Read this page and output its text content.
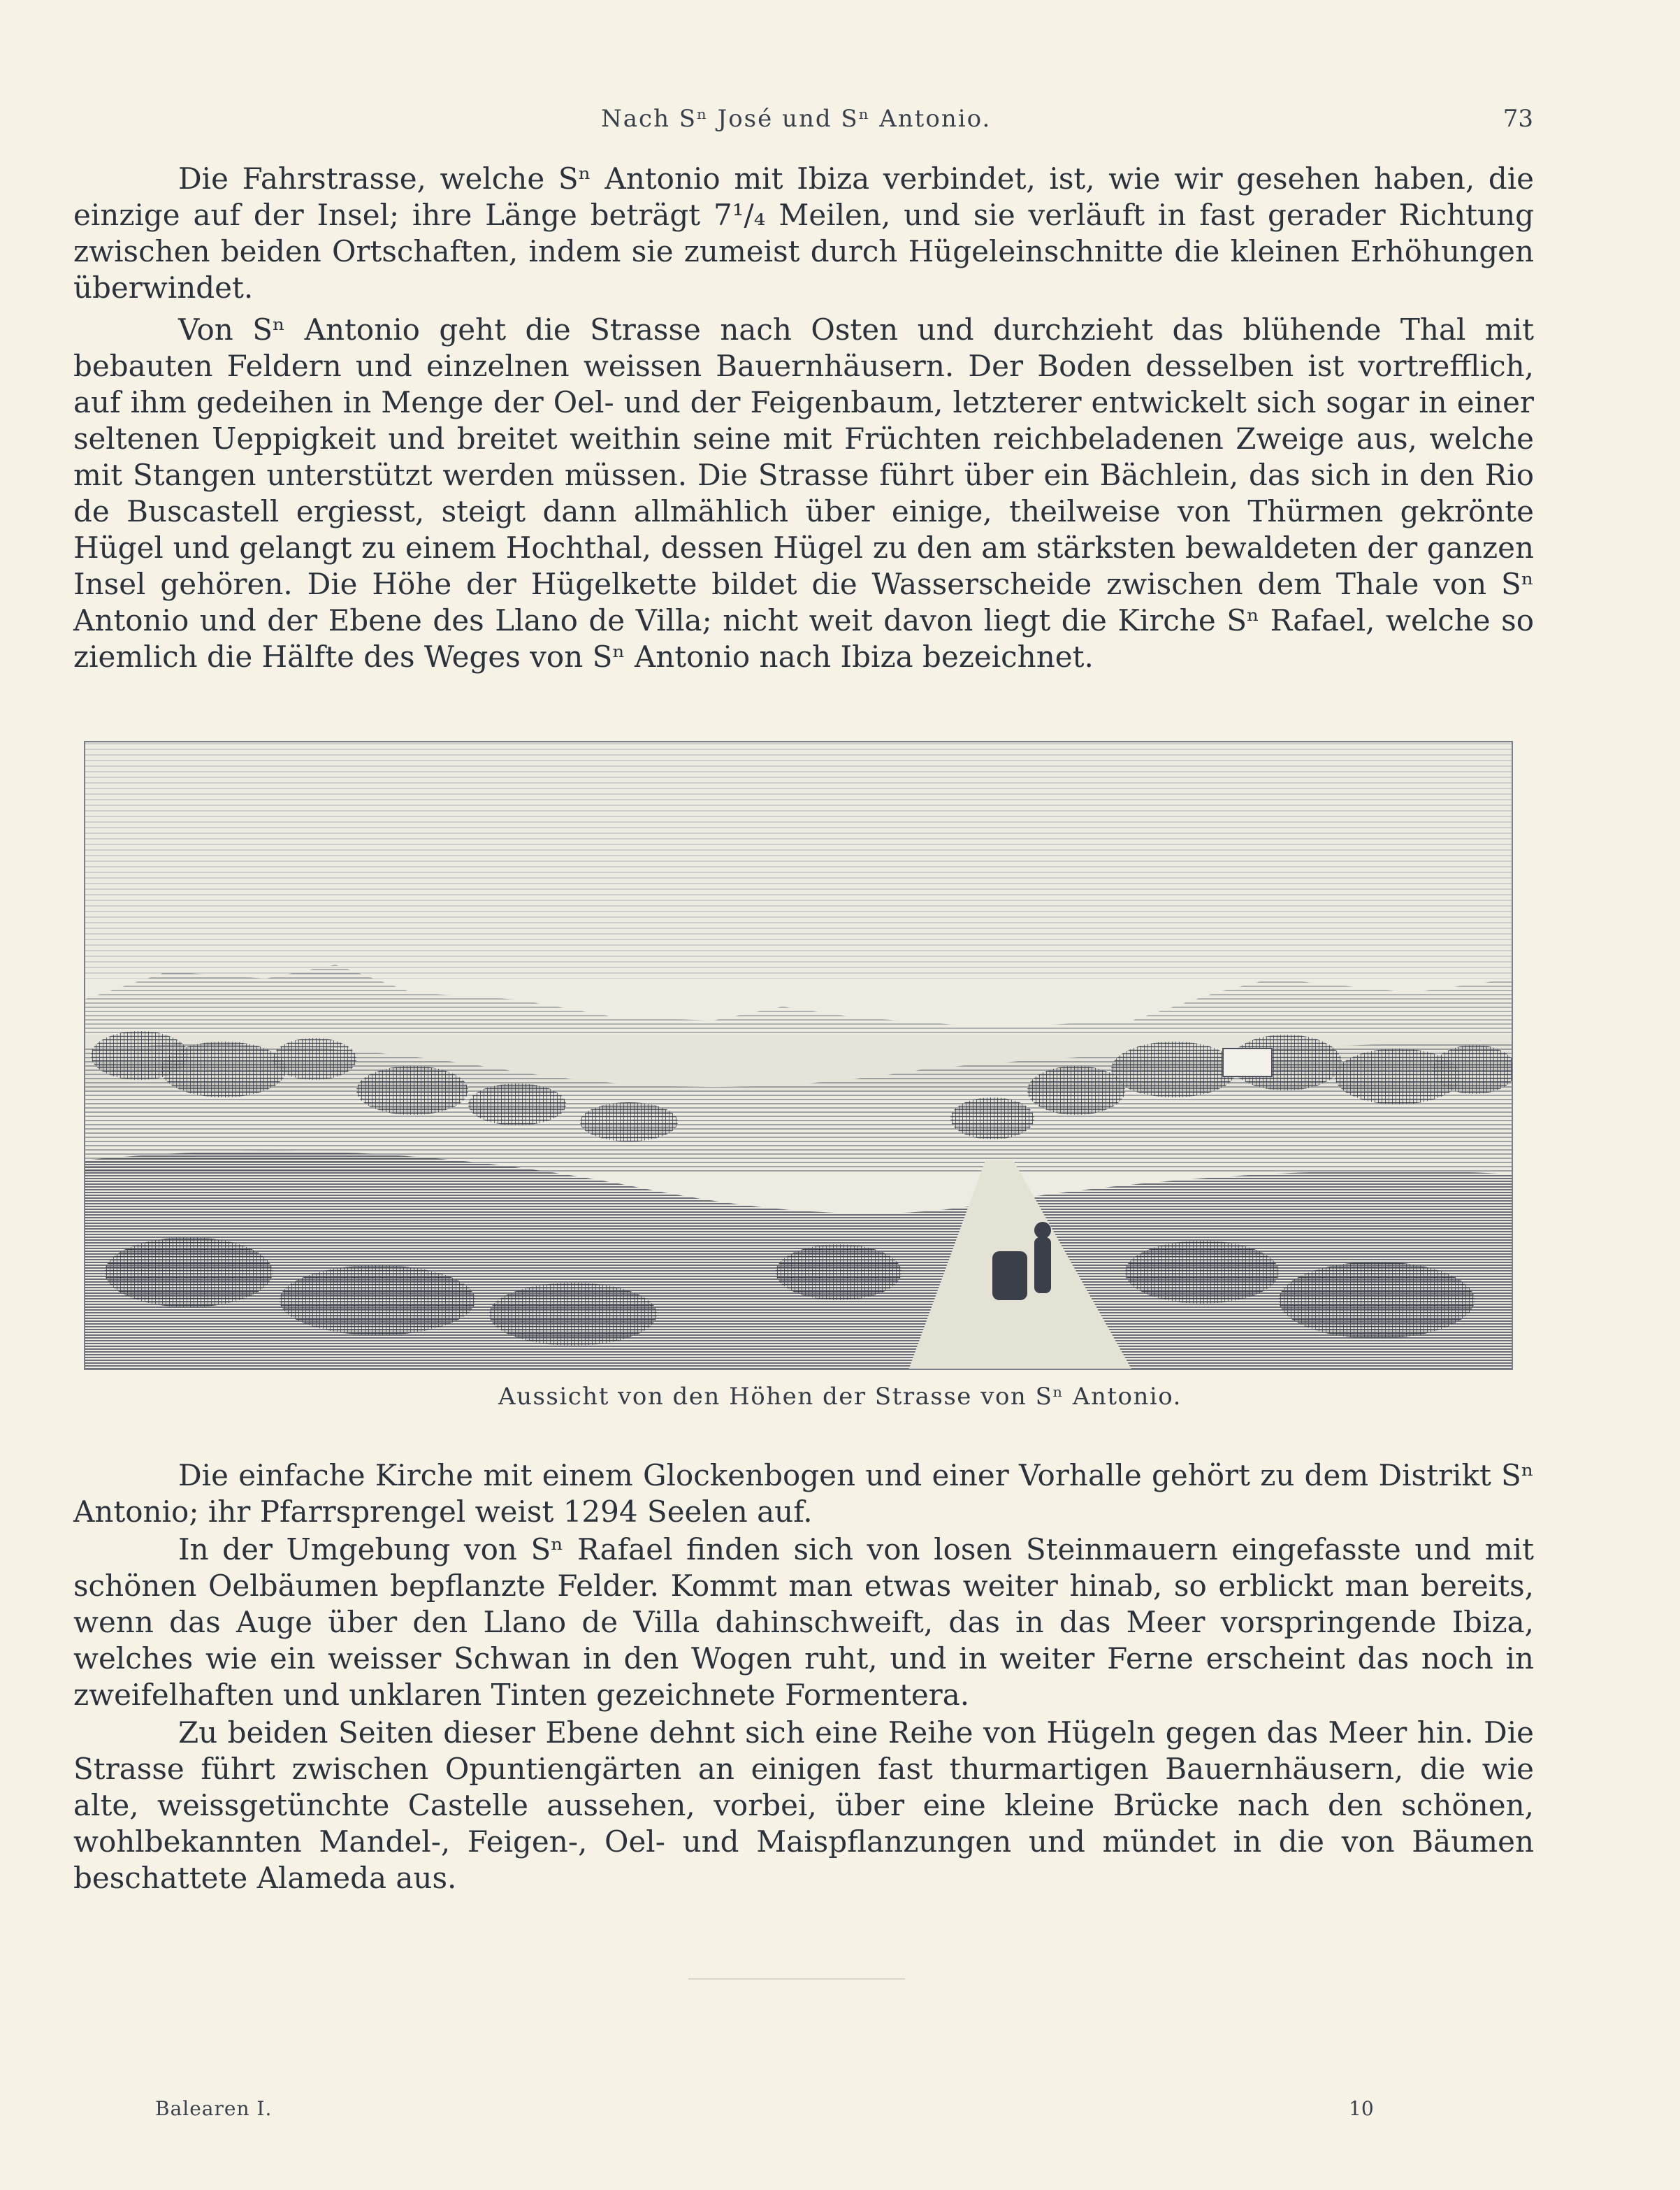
Nach Sⁿ José und Sⁿ Antonio.	73

Die Fahrstrasse, welche Sⁿ Antonio mit Ibiza verbindet, ist, wie wir gesehen haben, die einzige auf der Insel; ihre Länge beträgt 7¹/₄ Meilen, und sie verläuft in fast gerader Richtung zwischen beiden Ortschaften, indem sie zumeist durch Hügeleinschnitte die kleinen Erhöhungen überwindet.

Von Sⁿ Antonio geht die Strasse nach Osten und durchzieht das blühende Thal mit bebauten Feldern und einzelnen weissen Bauernhäusern. Der Boden desselben ist vortrefflich, auf ihm gedeihen in Menge der Oel- und der Feigenbaum, letzterer entwickelt sich sogar in einer seltenen Ueppigkeit und breitet weithin seine mit Früchten reichbeladenen Zweige aus, welche mit Stangen unterstützt werden müssen. Die Strasse führt über ein Bächlein, das sich in den Rio de Buscastell ergiesst, steigt dann allmählich über einige, theilweise von Thürmen gekrönte Hügel und gelangt zu einem Hochthal, dessen Hügel zu den am stärksten bewaldeten der ganzen Insel gehören. Die Höhe der Hügelkette bildet die Wasserscheide zwischen dem Thale von Sⁿ Antonio und der Ebene des Llano de Villa; nicht weit davon liegt die Kirche Sⁿ Rafael, welche so ziemlich die Hälfte des Weges von Sⁿ Antonio nach Ibiza bezeichnet.

Aussicht von den Höhen der Strasse von Sⁿ Antonio.

Die einfache Kirche mit einem Glockenbogen und einer Vorhalle gehört zu dem Distrikt Sⁿ Antonio; ihr Pfarrsprengel weist 1294 Seelen auf.

In der Umgebung von Sⁿ Rafael finden sich von losen Steinmauern eingefasste und mit schönen Oelbäumen bepflanzte Felder. Kommt man etwas weiter hinab, so erblickt man bereits, wenn das Auge über den Llano de Villa dahinschweift, das in das Meer vorspringende Ibiza, welches wie ein weisser Schwan in den Wogen ruht, und in weiter Ferne erscheint das noch in zweifelhaften und unklaren Tinten gezeichnete Formentera.

Zu beiden Seiten dieser Ebene dehnt sich eine Reihe von Hügeln gegen das Meer hin. Die Strasse führt zwischen Opuntiengärten an einigen fast thurmartigen Bauernhäusern, die wie alte, weissgetünchte Castelle aussehen, vorbei, über eine kleine Brücke nach den schönen, wohlbekannten Mandel-, Feigen-, Oel- und Maispflanzungen und mündet in die von Bäumen beschattete Alameda aus.

Balearen I.	10
